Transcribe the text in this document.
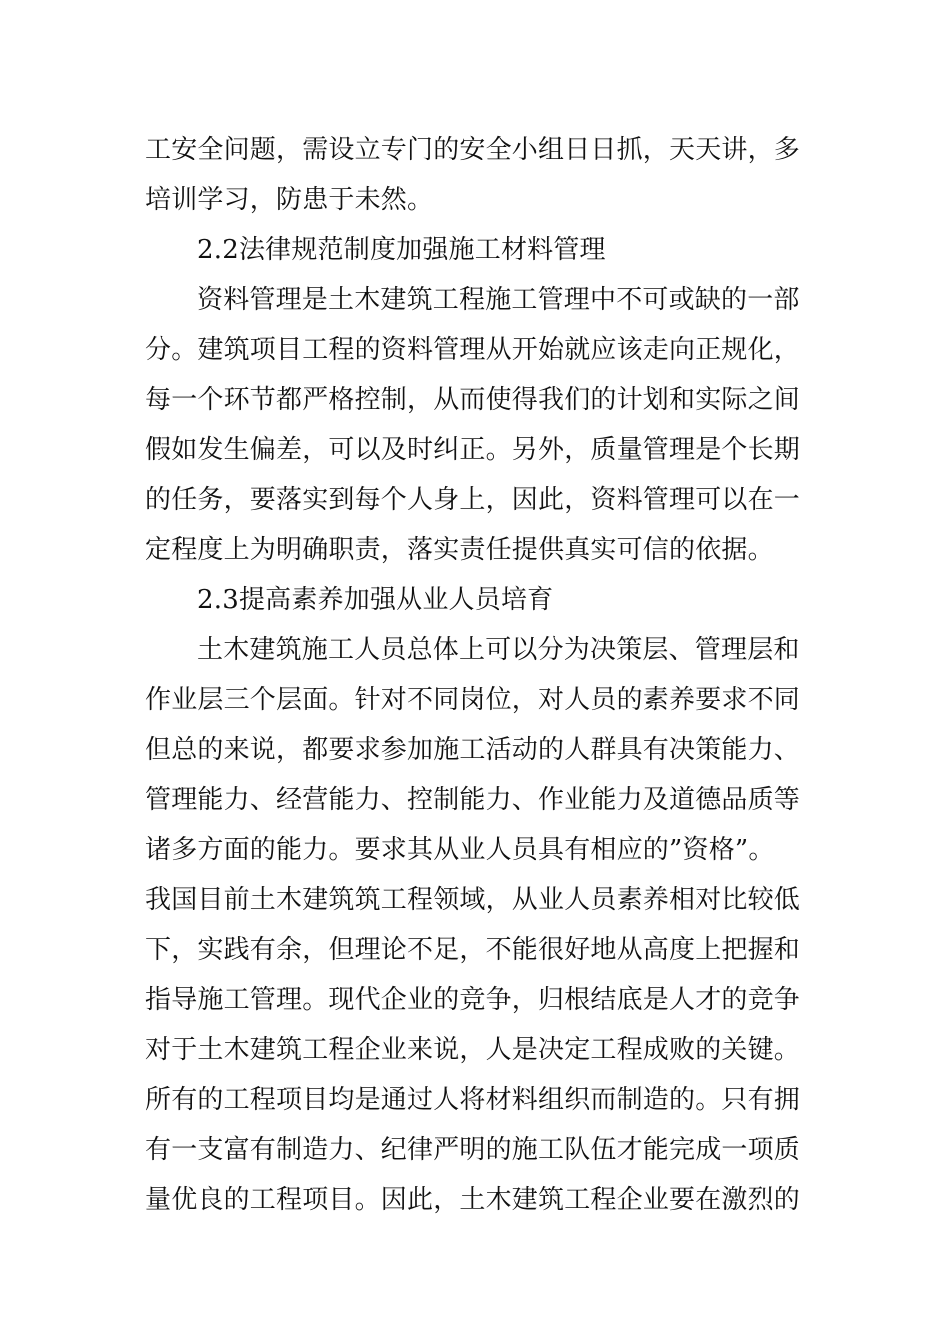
工安全问题，需设立专门的安全小组日日抓，天天讲，多
培训学习，防患于未然。
2.2法律规范制度加强施工材料管理
资料管理是土木建筑工程施工管理中不可或缺的一部
分。建筑项目工程的资料管理从开始就应该走向正规化，
每一个环节都严格控制，从而使得我们的计划和实际之间
假如发生偏差，可以及时纠正。另外，质量管理是个长期
的任务，要落实到每个人身上，因此，资料管理可以在一
定程度上为明确职责，落实责任提供真实可信的依据。
2.3提高素养加强从业人员培育
土木建筑施工人员总体上可以分为决策层、管理层和
作业层三个层面。针对不同岗位，对人员的素养要求不同
但总的来说，都要求参加施工活动的人群具有决策能力、
管理能力、经营能力、控制能力、作业能力及道德品质等
诸多方面的能力。要求其从业人员具有相应的”资格”。
我国目前土木建筑筑工程领域，从业人员素养相对比较低
下，实践有余，但理论不足，不能很好地从高度上把握和
指导施工管理。现代企业的竞争，归根结底是人才的竞争
对于土木建筑工程企业来说，人是决定工程成败的关键。
所有的工程项目均是通过人将材料组织而制造的。只有拥
有一支富有制造力、纪律严明的施工队伍才能完成一项质
量优良的工程项目。因此，土木建筑工程企业要在激烈的
